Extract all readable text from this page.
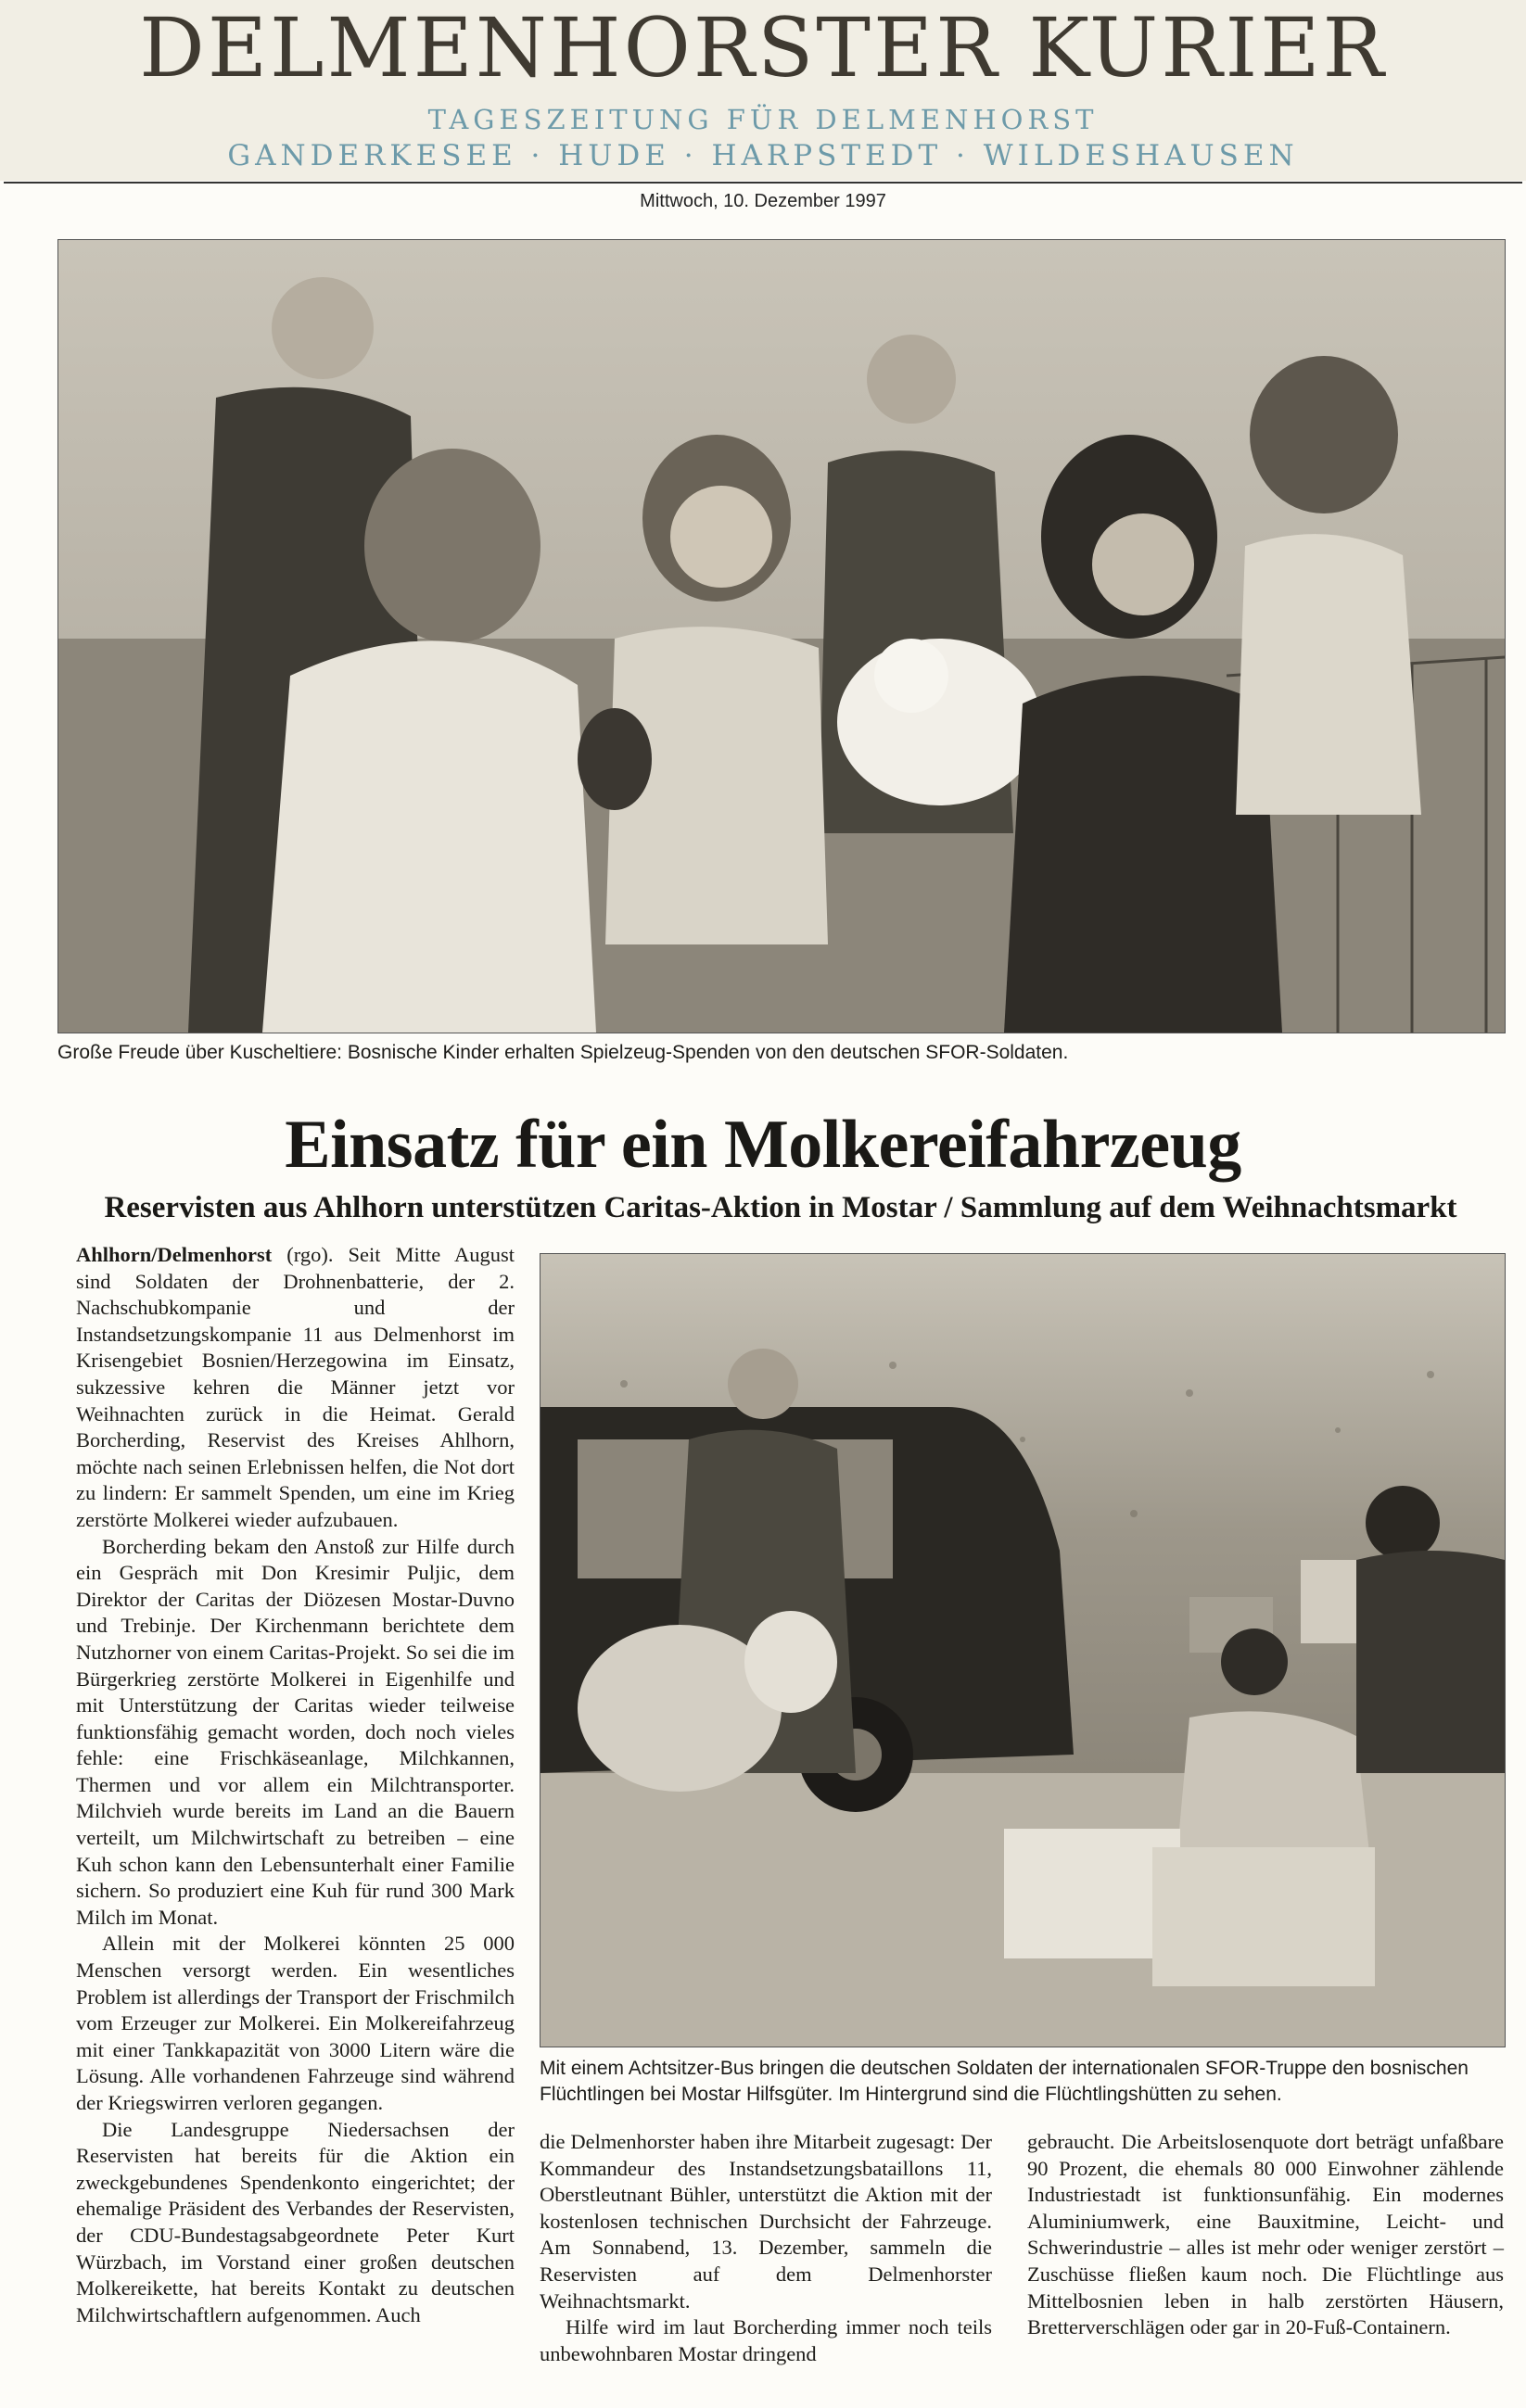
DELMENHORSTER KURIER
TAGESZEITUNG FÜR DELMENHORST
GANDERKESEE · HUDE · HARPSTEDT · WILDESHAUSEN
Mittwoch, 10. Dezember 1997
Große Freude über Kuscheltiere: Bosnische Kinder erhalten Spielzeug-Spenden von den deutschen SFOR-Soldaten.
Einsatz für ein Molkereifahrzeug
Reservisten aus Ahlhorn unterstützen Caritas-Aktion in Mostar / Sammlung auf dem Weihnachtsmarkt

Ahlhorn/Delmenhorst (rgo). Seit Mitte August sind Soldaten der Drohnenbatterie, der 2. Nachschubkompanie und der Instandsetzungskompanie 11 aus Delmenhorst im Krisengebiet Bosnien/Herzegowina im Einsatz, sukzessive kehren die Männer jetzt vor Weihnachten zurück in die Heimat. Gerald Borcherding, Reservist des Kreises Ahlhorn, möchte nach seinen Erlebnissen helfen, die Not dort zu lindern: Er sammelt Spenden, um eine im Krieg zerstörte Molkerei wieder aufzubauen.

Borcherding bekam den Anstoß zur Hilfe durch ein Gespräch mit Don Kresimir Puljic, dem Direktor der Caritas der Diözesen Mostar-Duvno und Trebinje. Der Kirchenmann berichtete dem Nutzhorner von einem Caritas-Projekt. So sei die im Bürgerkrieg zerstörte Molkerei in Eigenhilfe und mit Unterstützung der Caritas wieder teilweise funktionsfähig gemacht worden, doch noch vieles fehle: eine Frischkäseanlage, Milchkannen, Thermen und vor allem ein Milchtransporter. Milchvieh wurde bereits im Land an die Bauern verteilt, um Milchwirtschaft zu betreiben – eine Kuh schon kann den Lebensunterhalt einer Familie sichern. So produziert eine Kuh für rund 300 Mark Milch im Monat.

Allein mit der Molkerei könnten 25 000 Menschen versorgt werden. Ein wesentliches Problem ist allerdings der Transport der Frischmilch vom Erzeuger zur Molkerei. Ein Molkereifahrzeug mit einer Tankkapazität von 3000 Litern wäre die Lösung. Alle vorhandenen Fahrzeuge sind während der Kriegswirren verloren gegangen.

Die Landesgruppe Niedersachsen der Reservisten hat bereits für die Aktion ein zweckgebundenes Spendenkonto eingerichtet; der ehemalige Präsident des Verbandes der Reservisten, der CDU-Bundestagsabgeordnete Peter Kurt Würzbach, im Vorstand einer großen deutschen Molkereikette, hat bereits Kontakt zu deutschen Milchwirtschaftlern aufgenommen. Auch

Mit einem Achtsitzer-Bus bringen die deutschen Soldaten der internationalen SFOR-Truppe den bosnischen Flüchtlingen bei Mostar Hilfsgüter. Im Hintergrund sind die Flüchtlingshütten zu sehen.

die Delmenhorster haben ihre Mitarbeit zugesagt: Der Kommandeur des Instandsetzungsbataillons 11, Oberstleutnant Bühler, unterstützt die Aktion mit der kostenlosen technischen Durchsicht der Fahrzeuge. Am Sonnabend, 13. Dezember, sammeln die Reservisten auf dem Delmenhorster Weihnachtsmarkt.

Hilfe wird im laut Borcherding immer noch teils unbewohnbaren Mostar dringend

gebraucht. Die Arbeitslosenquote dort beträgt unfaßbare 90 Prozent, die ehemals 80 000 Einwohner zählende Industriestadt ist funktionsunfähig. Ein modernes Aluminiumwerk, eine Bauxitmine, Leicht- und Schwerindustrie – alles ist mehr oder weniger zerstört – Zuschüsse fließen kaum noch. Die Flüchtlinge aus Mittelbosnien leben in halb zerstörten Häusern, Bretterverschlägen oder gar in 20-Fuß-Containern.
